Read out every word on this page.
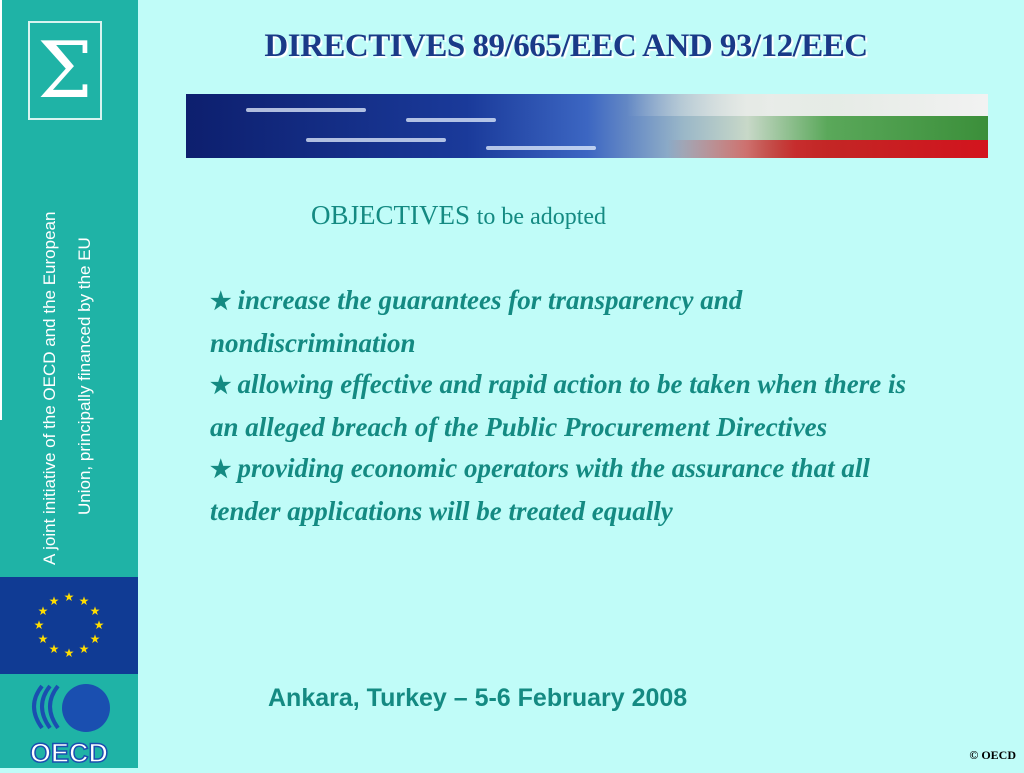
Σ
A joint initiative of the OECD and the European Union, principally financed by the EU
★ ★
★
★
★
★
★
★
★
★
★
★
OECD
DIRECTIVES 89/665/EEC AND 93/12/EEC
OBJECTIVES to be adopted
★ increase the guarantees for transparency and nondiscrimination
★ allowing effective and rapid action to be taken when there is an alleged breach of the Public Procurement Directives
★ providing economic operators with the assurance that all tender applications will be treated equally
Ankara, Turkey – 5-6 February 2008
© OECD
